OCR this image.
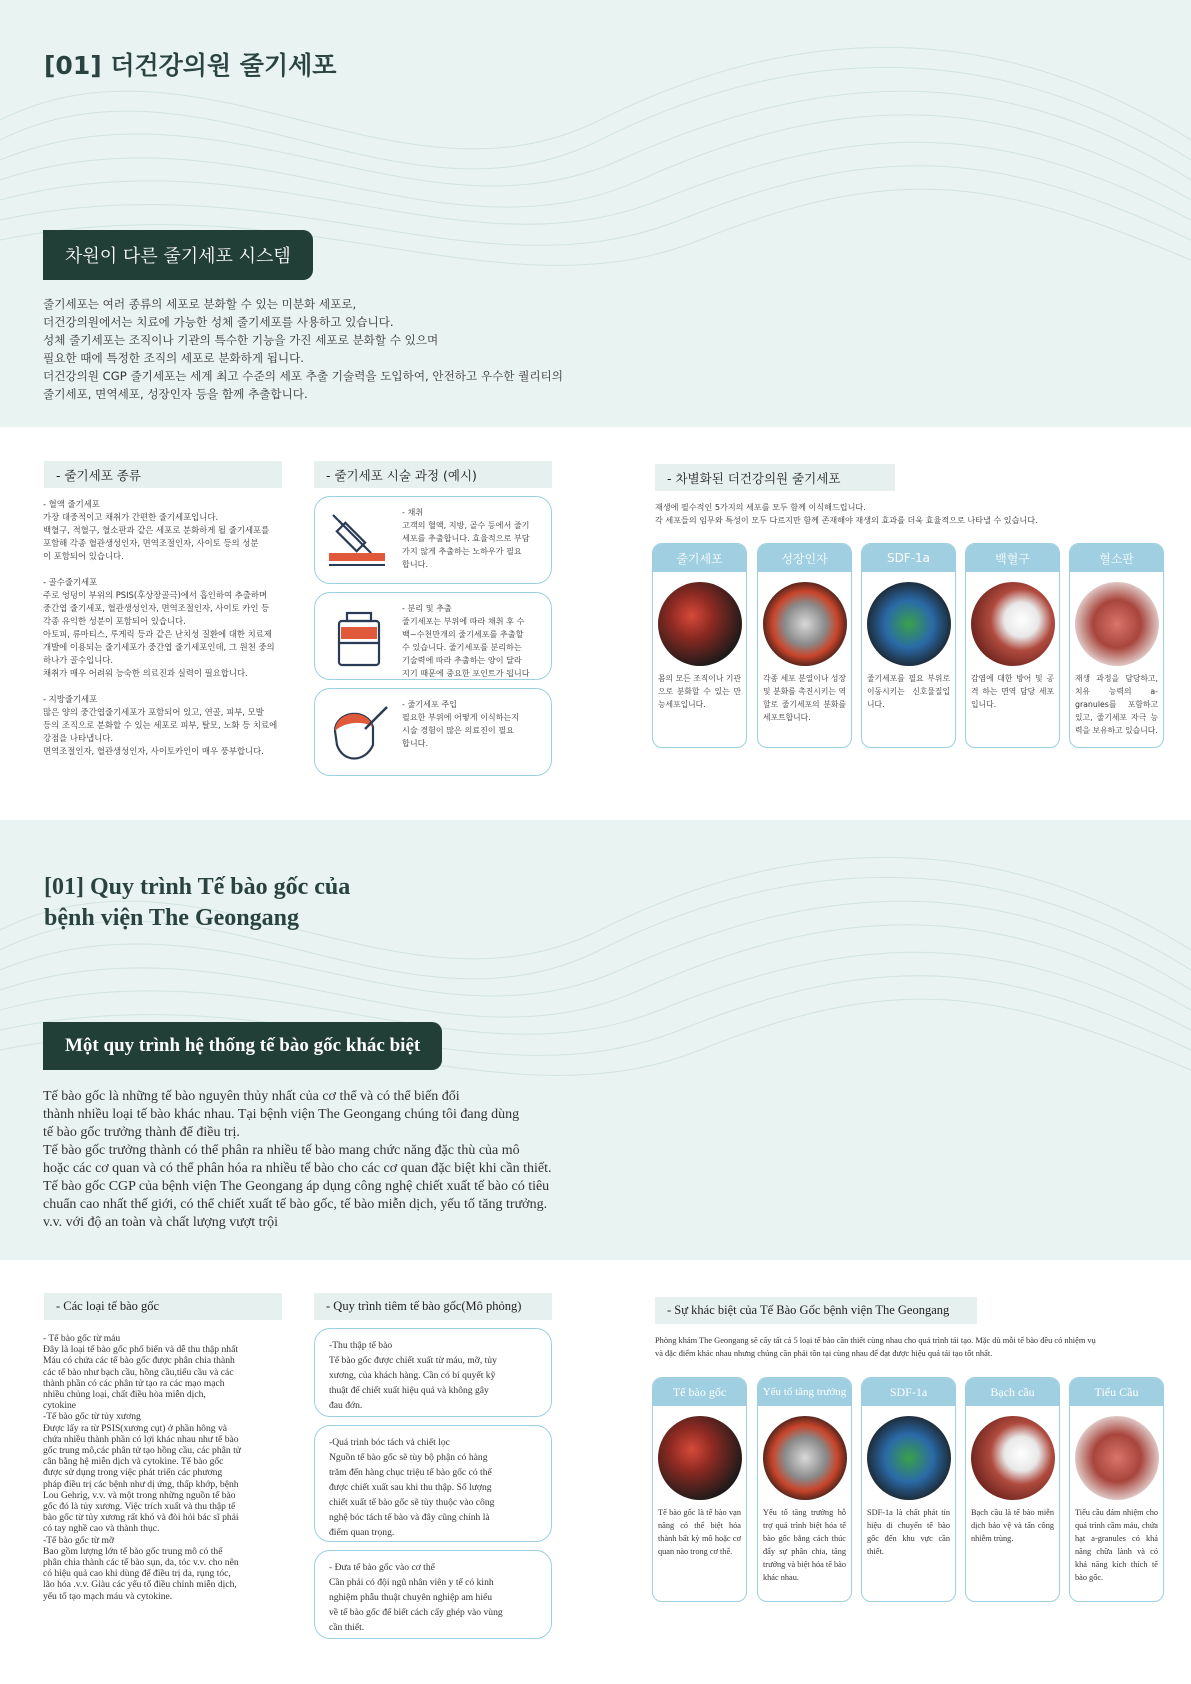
[01] 더건강의원 줄기세포
차원이 다른 줄기세포 시스템
줄기세포는 여러 종류의 세포로 분화할 수 있는 미분화 세포로,
더건강의원에서는 치료에 가능한 성체 줄기세포를 사용하고 있습니다.
성체 줄기세포는 조직이나 기관의 특수한 기능을 가진 세포로 분화할 수 있으며
필요한 때에 특정한 조직의 세포로 분화하게 됩니다.
더건강의원 CGP 줄기세포는 세계 최고 수준의 세포 추출 기술력을 도입하여, 안전하고 우수한 퀄리티의
줄기세포, 면역세포, 성장인자 등을 함께 추출합니다.
- 줄기세포 종류
- 혈액 줄기세포
가장 대중적이고 채취가 간편한 줄기세포입니다.
백혈구, 적혈구, 혈소판과 같은 세포로 분화하게 될 줄기세포를
포함해 각종 혈관생성인자, 면역조절인자, 사이토 등의 성분
이 포함되어 있습니다.

- 골수줄기세포
주로 엉덩이 부위의 PSIS(후상장골극)에서 흡인하여 추출하며
중간엽 줄기세포, 혈관생성인자, 면역조절인자, 사이토 카인 등
각종 유익한 성분이 포함되어 있습니다.
아토피, 류마티스, 루게릭 등과 같은 난치성 질환에 대한 치료제
개발에 이용되는 줄기세포가 중간엽 줄기세포인데, 그 원천 중의
하나가 골수입니다.
채취가 매우 어려워 능숙한 의료진과 실력이 필요합니다.

- 지방줄기세포
많은 양의 중간엽줄기세포가 포함되어 있고, 연골, 피부, 모발
등의 조직으로 분화할 수 있는 세포로 피부, 탈모, 노화 등 치료에
강점을 나타냅니다.
면역조절인자, 혈관생성인자, 사이토카인이 매우 풍부합니다.
- 줄기세포 시술 과정 (예시)
- 채취
고객의 혈액, 지방, 골수 등에서 줄기
세포를 추출합니다. 효율적으로 부담
가지 않게 추출하는 노하우가 필요
합니다.
- 분리 및 추출
줄기세포는 부위에 따라 채취 후 수
백~수천만개의 줄기세포를 추출할
수 있습니다. 줄기세포를 분리하는
기술력에 따라 추출하는 양이 달라
지기 때문에 중요한 포인트가 됩니다
- 줄기세포 주입
필요한 부위에 어떻게 이식하는지
시술 경험이 많은 의료진이 필요
합니다.
- 차별화된 더건강의원 줄기세포
재생에 필수적인 5가지의 세포를 모두 함께 이식해드립니다.
각 세포들의 임무와 특성이 모두 다르지만 함께 존재해야 재생의 효과를 더욱 효율적으로 나타낼 수 있습니다.
줄기세포
몸의 모든 조직이나 기관으로 분화할 수 있는 만능세포입니다.
성장인자
각종 세포 분열이나 성장 및 분화를 촉진시키는 역할로 줄기세포의 분화를 세포트합니다.
SDF-1a
줄기세포를 필요 부위로 이동시키는 신호물질입니다.
백혈구
감염에 대한 방어 및 공격 하는 면역 담당 세포입니다.
혈소판
재생 과정을 담당하고, 치유 능력의 a-granules를 포함하고 있고, 줄기세포 자극 능력을 보유하고 있습니다.
[01] Quy trình Tế bào gốc của
bệnh viện The Geongang
Một quy trình hệ thống tế bào gốc khác biệt
Tế bào gốc là những tế bào nguyên thủy nhất của cơ thể và có thể biến đổi
thành nhiều loại tế bào khác nhau. Tại bệnh viện The Geongang chúng tôi đang dùng
tế bào gốc trưởng thành để điều trị.
Tế bào gốc trưởng thành có thể phân ra nhiều tế bào mang chức năng đặc thù của mô
hoặc các cơ quan và có thể phân hóa ra nhiều tế bào cho các cơ quan đặc biệt khi cần thiết.
Tế bào gốc CGP của bệnh viện The Geongang áp dụng công nghệ chiết xuất tế bào có tiêu
chuẩn cao nhất thế giới, có thể chiết xuất tế bào gốc, tế bào miễn dịch, yếu tố tăng trưởng.
v.v. với độ an toàn và chất lượng vượt trội
- Các loại tế bào gốc
- Tế bào gốc từ máu
Đây là loại tế bào gốc phổ biến và dễ thu thập nhất
Máu có chứa các tế bào gốc được phân chia thành
các tế bào như bạch cầu, hồng cầu,tiểu cầu và các
thành phần có các phân tử tạo ra các mạo mạch
nhiều chủng loại, chất điều hòa miễn dịch,
cytokine
-Tế bào gốc từ tủy xương
Được lấy ra từ PSIS(xương cụt) ở phần hông và
chứa nhiều thành phần có lợi khác nhau như tế bào
gốc trung mô,các phân tử tạo hồng cầu, các phân tử
cân bằng hệ miễn dịch và cytokine. Tế bào gốc
được sử dụng trong việc phát triển các phương
pháp điều trị các bệnh như dị ứng, thấp khớp, bệnh
Lou Gehrig, v.v. và một trong những nguồn tế bào
gốc đó là tủy xương. Việc trích xuất và thu thập tế
bào gốc từ tủy xương rất khó và đòi hỏi bác sĩ phải
có tay nghề cao và thành thục.
-Tế bào gốc từ mỡ
Bao gồm lượng lớn tế bào gốc trung mô có thể
phân chia thành các tế bào sụn, da, tóc v.v. cho nên
có hiệu quả cao khi dùng để điều trị da, rụng tóc,
lão hóa .v.v. Giàu các yếu tố điều chỉnh miễn dịch,
yếu tố tạo mạch máu và cytokine.
- Quy trình tiêm tế bào gốc(Mô phỏng)
-Thu thập tế bào
Tế bào gốc được chiết xuất từ máu, mỡ, tủy
xương, của khách hàng. Cần có bí quyết kỹ
thuật để chiết xuất hiệu quả và không gây
đau đớn.
-Quá trình bóc tách và chiết lọc
Nguồn tế bào gốc sẽ tùy bộ phận có hàng
trăm đến hàng chục triệu tế bào gốc có thể
được chiết xuất sau khi thu thập. Số lượng
chiết xuất tế bào gốc sẽ tùy thuộc vào công
nghệ bóc tách tế bào và đây cũng chính là
điểm quan trọng.
- Đưa tế bào gốc vào cơ thể
Cần phải có đội ngũ nhân viên y tế có kinh
nghiệm phẫu thuật chuyên nghiệp am hiểu
về tế bào gốc để biết cách cấy ghép vào vùng
cần thiết.
- Sự khác biệt của Tế Bào Gốc bệnh viện The Geongang
Phòng khám The Geongang sẽ cấy tất cả 5 loại tế bào cần thiết cùng nhau cho quá trình tái tạo. Mặc dù mỗi tế bào đều có nhiệm vụ
và đặc điểm khác nhau nhưng chúng cần phải tồn tại cùng nhau để đạt được hiệu quả tái tạo tốt nhất.
Tế bào gốc
Tế bào gốc là tế bào vạn năng có thể biệt hóa thành bất kỳ mô hoặc cơ quan nào trong cơ thể.
Yếu tố tăng trưởng
Yếu tố tăng trưởng hỗ trợ quá trình biệt hóa tế bào gốc bằng cách thúc đẩy sự phân chia, tăng trưởng và biệt hóa tế bào khác nhau.
SDF-1a
SDF-1a là chất phát tín hiệu di chuyển tế bào gốc đến khu vực cần thiết.
Bạch cầu
Bạch cầu là tế bào miễn dịch bảo vệ và tấn công nhiễm trùng.
Tiểu Cầu
Tiểu cầu đảm nhiệm cho quá trình cầm máu, chứa hạt a-granules có khả năng chữa lành và có khả năng kích thích tế bào gốc.
